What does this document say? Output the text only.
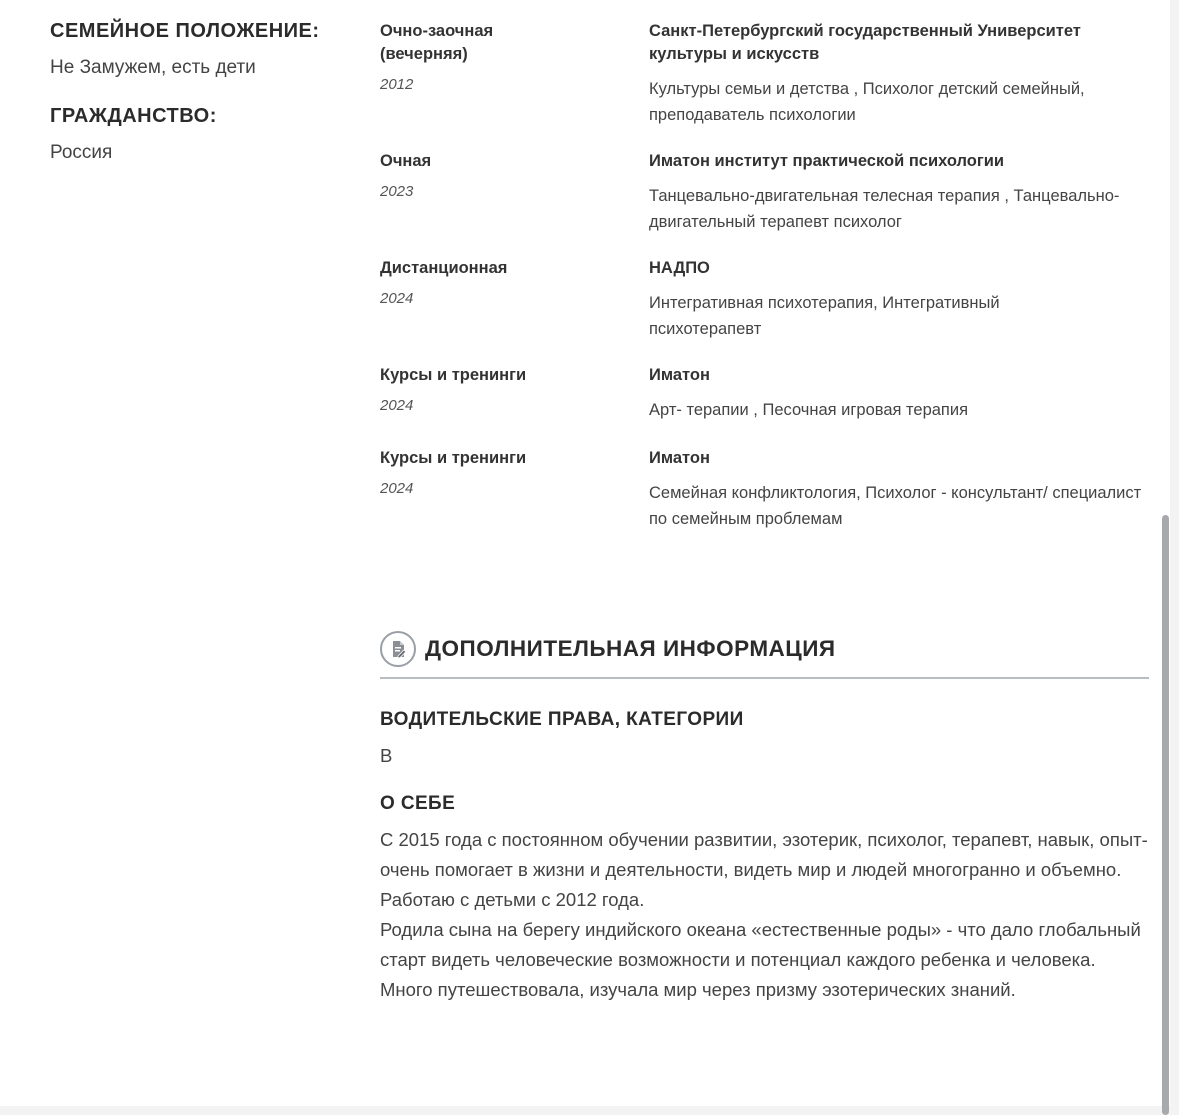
СЕМЕЙНОЕ ПОЛОЖЕНИЕ:
Не Замужем, есть дети
ГРАЖДАНСТВО:
Россия
Очно-заочная (вечерняя)
2012
Санкт-Петербургский государственный Университет культуры и искусств
Культуры семьи и детства , Психолог детский семейный, преподаватель психологии
Очная
2023
Иматон институт практической психологии
Танцевально-двигательная телесная терапия , Танцевально-двигательный терапевт психолог
Дистанционная
2024
НАДПО
Интегративная психотерапия, Интегративный психотерапевт
Курсы и тренинги
2024
Иматон
Арт- терапии , Песочная игровая терапия
Курсы и тренинги
2024
Иматон
Семейная конфликтология, Психолог - консультант/ специалист по семейным проблемам
ДОПОЛНИТЕЛЬНАЯ ИНФОРМАЦИЯ
ВОДИТЕЛЬСКИЕ ПРАВА, КАТЕГОРИИ
B
О СЕБЕ

С 2015 года с постоянном обучении развитии, эзотерик, психолог, терапевт, навык, опыт-очень помогает в жизни и деятельности, видеть мир и людей многогранно и объемно.

Работаю с детьми с 2012 года.

Родила сына на берегу индийского океана «естественные роды» - что дало глобальный старт видеть человеческие возможности и потенциал каждого ребенка и человека. Много путешествовала, изучала мир через призму эзотерических знаний.
